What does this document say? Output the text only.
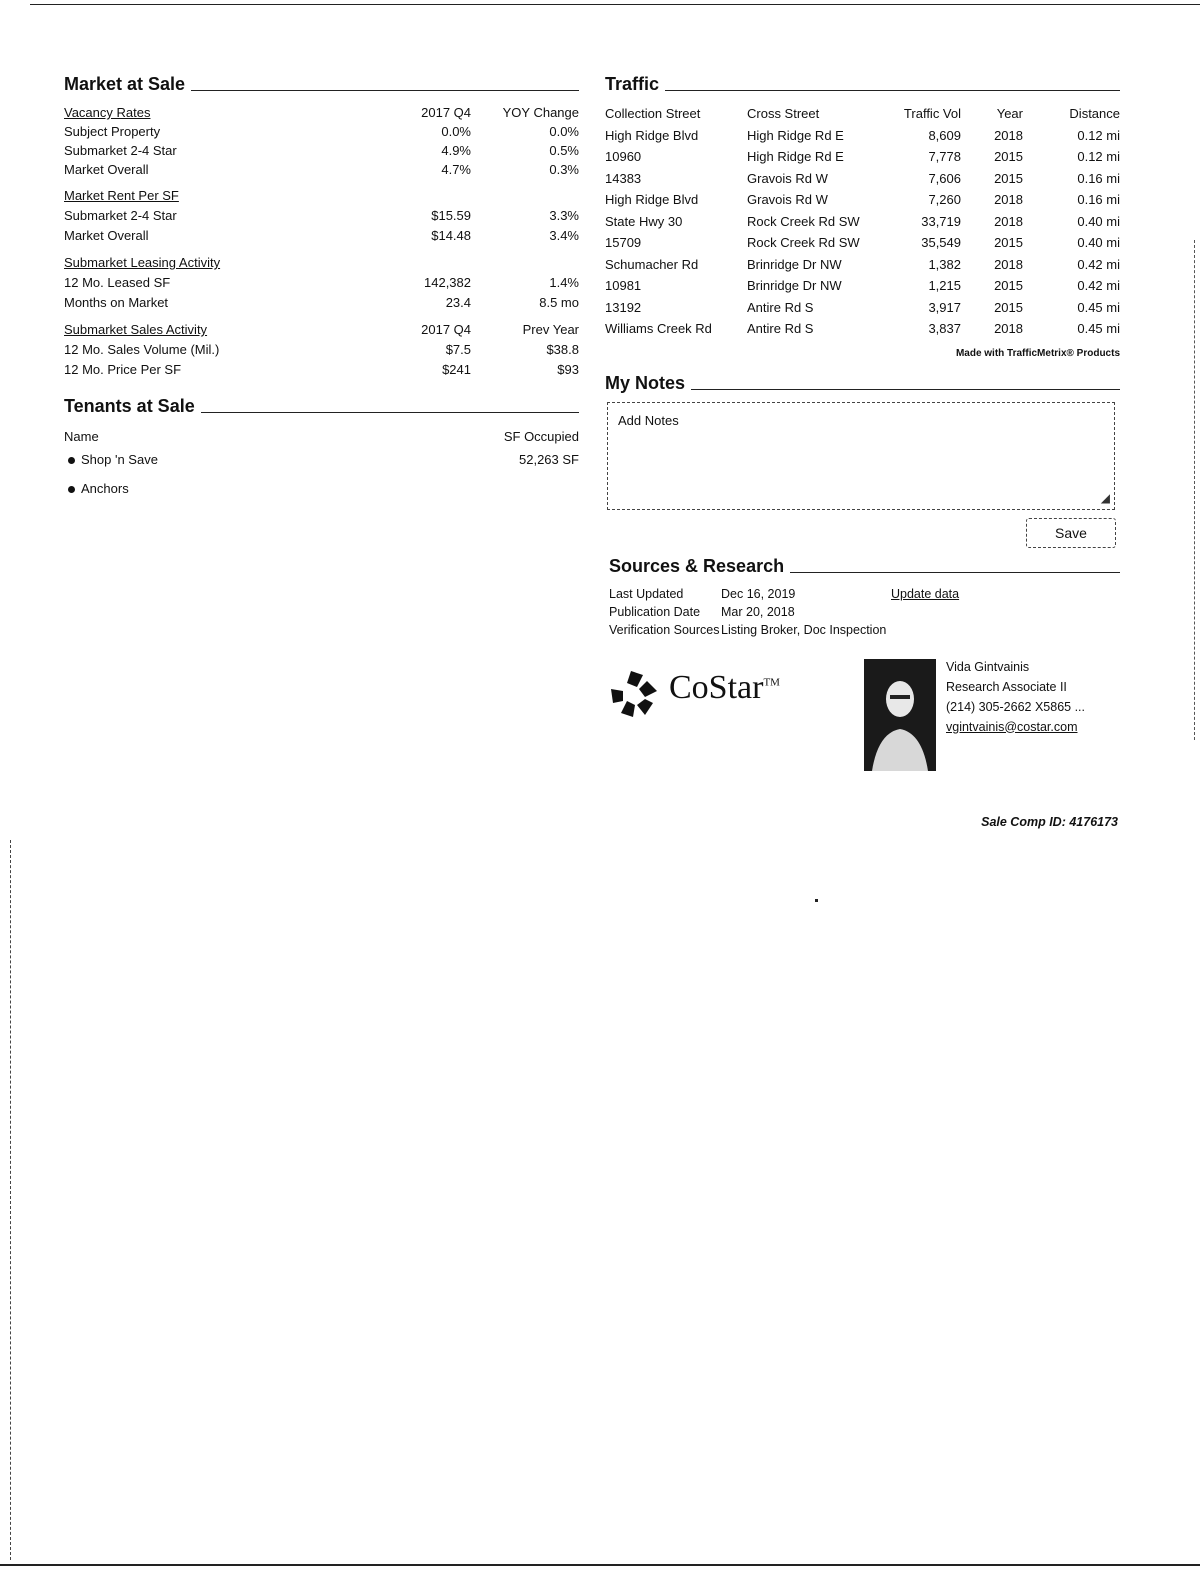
Market at Sale
Vacancy Rates	2017 Q4	YOY Change
Subject Property	0.0%	0.0%
Submarket 2-4 Star	4.9%	0.5%
Market Overall	4.7%	0.3%
Market Rent Per SF
Submarket 2-4 Star	$15.59	3.3%
Market Overall	$14.48	3.4%
Submarket Leasing Activity
12 Mo. Leased SF	142,382	1.4%
Months on Market	23.4	8.5 mo
Submarket Sales Activity	2017 Q4	Prev Year
12 Mo. Sales Volume (Mil.)	$7.5	$38.8
12 Mo. Price Per SF	$241	$93
Tenants at Sale
Name	SF Occupied
Shop 'n Save	52,263 SF
Anchors
Traffic
Collection Street	Cross Street	Traffic Vol	Year	Distance
High Ridge Blvd	High Ridge Rd E	8,609	2018	0.12 mi
10960	High Ridge Rd E	7,778	2015	0.12 mi
14383	Gravois Rd W	7,606	2015	0.16 mi
High Ridge Blvd	Gravois Rd W	7,260	2018	0.16 mi
State Hwy 30	Rock Creek Rd SW	33,719	2018	0.40 mi
15709	Rock Creek Rd SW	35,549	2015	0.40 mi
Schumacher Rd	Brinridge Dr NW	1,382	2018	0.42 mi
10981	Brinridge Dr NW	1,215	2015	0.42 mi
13192	Antire Rd S	3,917	2015	0.45 mi
Williams Creek Rd	Antire Rd S	3,837	2018	0.45 mi
Made with TrafficMetrix® Products
My Notes
Add Notes
◢
Save
Sources & Research
Last Updated	Dec 16, 2019	Update data
Publication Date	Mar 20, 2018
Verification Sources Listing Broker, Doc Inspection
CoStar™
Vida Gintvainis
Research Associate II
(214) 305-2662 X5865 ...
vgintvainis@costar.com
Sale Comp ID: 4176173
